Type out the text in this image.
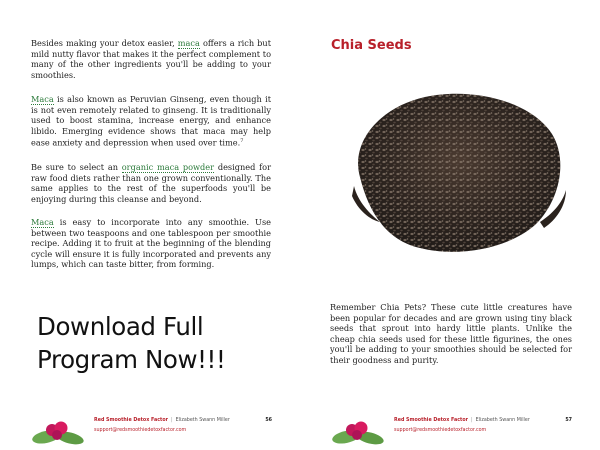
Besides making your detox easier, maca offers a rich but mild nutty flavor that makes it the perfect complement to many of the other ingredients you'll be adding to your smoothies.

Maca is also known as Peruvian Ginseng, even though it is not even remotely related to ginseng. It is traditionally used to boost stamina, increase energy, and enhance libido. Emerging evidence shows that maca may help ease anxiety and depression when used over time.$^7$

Be sure to select an organic maca powder designed for raw food diets rather than one grown conventionally. The same applies to the rest of the superfoods you'll be enjoying during this cleanse and beyond.

Maca is easy to incorporate into any smoothie. Use between two teaspoons and one tablespoon per smoothie recipe. Adding it to fruit at the beginning of the blending cycle will ensure it is fully incorporated and prevents any lumps, which can taste bitter, from forming.

Download Full Program Now!!!

Red Smoothie Detox Factor | Elizabeth Swann Miller	56
support@redsmoothiedetoxfactor.com
Chia Seeds

Remember Chia Pets? These cute little creatures have been popular for decades and are grown using tiny black seeds that sprout into hardy little plants. Unlike the cheap chia seeds used for these little figurines, the ones you'll be adding to your smoothies should be selected for their goodness and purity.

Red Smoothie Detox Factor | Elizabeth Swann Miller	57
support@redsmoothiedetoxfactor.com
